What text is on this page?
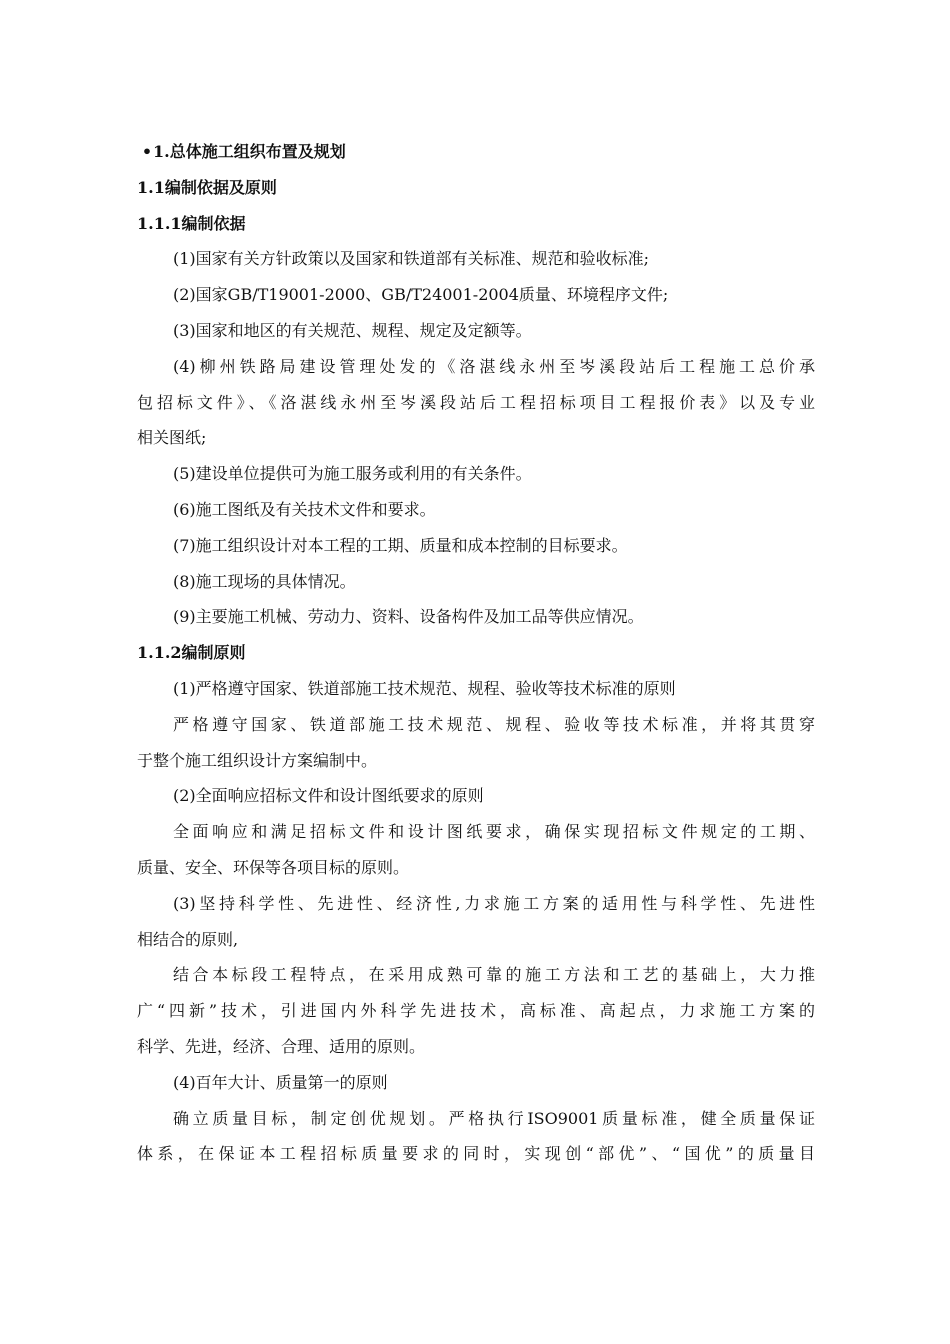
•1.总体施工组织布置及规划

1.1编制依据及原则

1.1.1编制依据

(1)国家有关方针政策以及国家和铁道部有关标准、规范和验收标准;

(2)国家GB/T19001-2000、GB/T24001-2004质量、环境程序文件;

(3)国家和地区的有关规范、规程、规定及定额等。

(4)柳州铁路局建设管理处发的《洛湛线永州至岑溪段站后工程施工总价承

包招标文件》、《洛湛线永州至岑溪段站后工程招标项目工程报价表》以及专业

相关图纸;

(5)建设单位提供可为施工服务或利用的有关条件。

(6)施工图纸及有关技术文件和要求。

(7)施工组织设计对本工程的工期、质量和成本控制的目标要求。

(8)施工现场的具体情况。

(9)主要施工机械、劳动力、资料、设备构件及加工品等供应情况。

1.1.2编制原则

(1)严格遵守国家、铁道部施工技术规范、规程、验收等技术标准的原则

严格遵守国家、铁道部施工技术规范、规程、验收等技术标准，并将其贯穿

于整个施工组织设计方案编制中。

(2)全面响应招标文件和设计图纸要求的原则

全面响应和满足招标文件和设计图纸要求，确保实现招标文件规定的工期、

质量、安全、环保等各项目标的原则。

(3)坚持科学性、先进性、经济性,力求施工方案的适用性与科学性、先进性

相结合的原则,

结合本标段工程特点，在采用成熟可靠的施工方法和工艺的基础上，大力推

广“四新”技术，引进国内外科学先进技术，高标准、高起点，力求施工方案的

科学、先进，经济、合理、适用的原则。

(4)百年大计、质量第一的原则

确立质量目标，制定创优规划。严格执行ISO9001质量标准，健全质量保证

体系，在保证本工程招标质量要求的同时，实现创“部优”、“国优”的质量目
